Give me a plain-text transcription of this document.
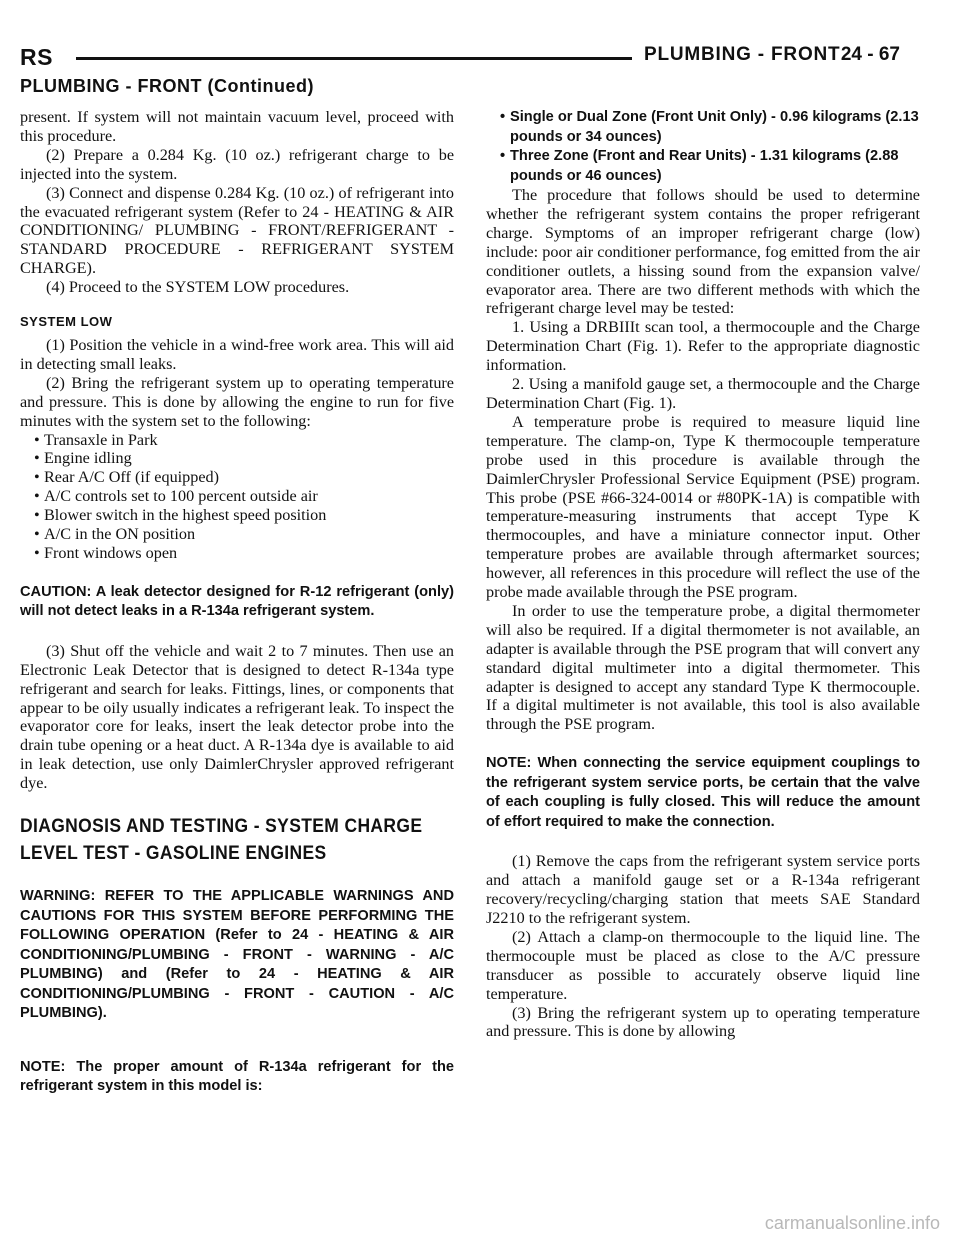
RS	PLUMBING - FRONT 24 - 67
PLUMBING - FRONT (Continued)

present. If system will not maintain vacuum level, proceed with this procedure.

(2) Prepare a 0.284 Kg. (10 oz.) refrigerant charge to be injected into the system.

(3) Connect and dispense 0.284 Kg. (10 oz.) of refrigerant into the evacuated refrigerant system (Refer to 24 - HEATING & AIR CONDITIONING/ PLUMBING - FRONT/REFRIGERANT - STANDARD PROCEDURE - REFRIGERANT SYSTEM CHARGE).

(4) Proceed to the SYSTEM LOW procedures.

SYSTEM LOW

(1) Position the vehicle in a wind-free work area. This will aid in detecting small leaks.

(2) Bring the refrigerant system up to operating temperature and pressure. This is done by allowing the engine to run for five minutes with the system set to the following:

• Transaxle in Park

• Engine idling

• Rear A/C Off (if equipped)

• A/C controls set to 100 percent outside air

• Blower switch in the highest speed position

• A/C in the ON position

• Front windows open

CAUTION: A leak detector designed for R-12 refrigerant (only) will not detect leaks in a R-134a refrigerant system.

(3) Shut off the vehicle and wait 2 to 7 minutes. Then use an Electronic Leak Detector that is designed to detect R-134a type refrigerant and search for leaks. Fittings, lines, or components that appear to be oily usually indicates a refrigerant leak. To inspect the evaporator core for leaks, insert the leak detector probe into the drain tube opening or a heat duct. A R-134a dye is available to aid in leak detection, use only DaimlerChrysler approved refrigerant dye.

DIAGNOSIS AND TESTING - SYSTEM CHARGE LEVEL TEST - GASOLINE ENGINES

WARNING: REFER TO THE APPLICABLE WARNINGS AND CAUTIONS FOR THIS SYSTEM BEFORE PERFORMING THE FOLLOWING OPERATION (Refer to 24 - HEATING & AIR CONDITIONING/PLUMBING - FRONT - WARNING - A/C PLUMBING) and (Refer to 24 - HEATING & AIR CONDITIONING/PLUMBING - FRONT - CAUTION - A/C PLUMBING).

NOTE: The proper amount of R-134a refrigerant for the refrigerant system in this model is:

• Single or Dual Zone (Front Unit Only) - 0.96 kilograms (2.13 pounds or 34 ounces)

• Three Zone (Front and Rear Units) - 1.31 kilograms (2.88 pounds or 46 ounces)

The procedure that follows should be used to determine whether the refrigerant system contains the proper refrigerant charge. Symptoms of an improper refrigerant charge (low) include: poor air conditioner performance, fog emitted from the air conditioner outlets, a hissing sound from the expansion valve/ evaporator area. There are two different methods with which the refrigerant charge level may be tested:

1. Using a DRBIIIt scan tool, a thermocouple and the Charge Determination Chart (Fig. 1). Refer to the appropriate diagnostic information.

2. Using a manifold gauge set, a thermocouple and the Charge Determination Chart (Fig. 1).

A temperature probe is required to measure liquid line temperature. The clamp-on, Type K thermocouple temperature probe used in this procedure is available through the DaimlerChrysler Professional Service Equipment (PSE) program. This probe (PSE #66-324-0014 or #80PK-1A) is compatible with temperature-measuring instruments that accept Type K thermocouples, and have a miniature connector input. Other temperature probes are available through aftermarket sources; however, all references in this procedure will reflect the use of the probe made available through the PSE program.

In order to use the temperature probe, a digital thermometer will also be required. If a digital thermometer is not available, an adapter is available through the PSE program that will convert any standard digital multimeter into a digital thermometer. This adapter is designed to accept any standard Type K thermocouple. If a digital multimeter is not available, this tool is also available through the PSE program.

NOTE: When connecting the service equipment couplings to the refrigerant system service ports, be certain that the valve of each coupling is fully closed. This will reduce the amount of effort required to make the connection.

(1) Remove the caps from the refrigerant system service ports and attach a manifold gauge set or a R-134a refrigerant recovery/recycling/charging station that meets SAE Standard J2210 to the refrigerant system.

(2) Attach a clamp-on thermocouple to the liquid line. The thermocouple must be placed as close to the A/C pressure transducer as possible to accurately observe liquid line temperature.

(3) Bring the refrigerant system up to operating temperature and pressure. This is done by allowing

carmanualsonline.info
